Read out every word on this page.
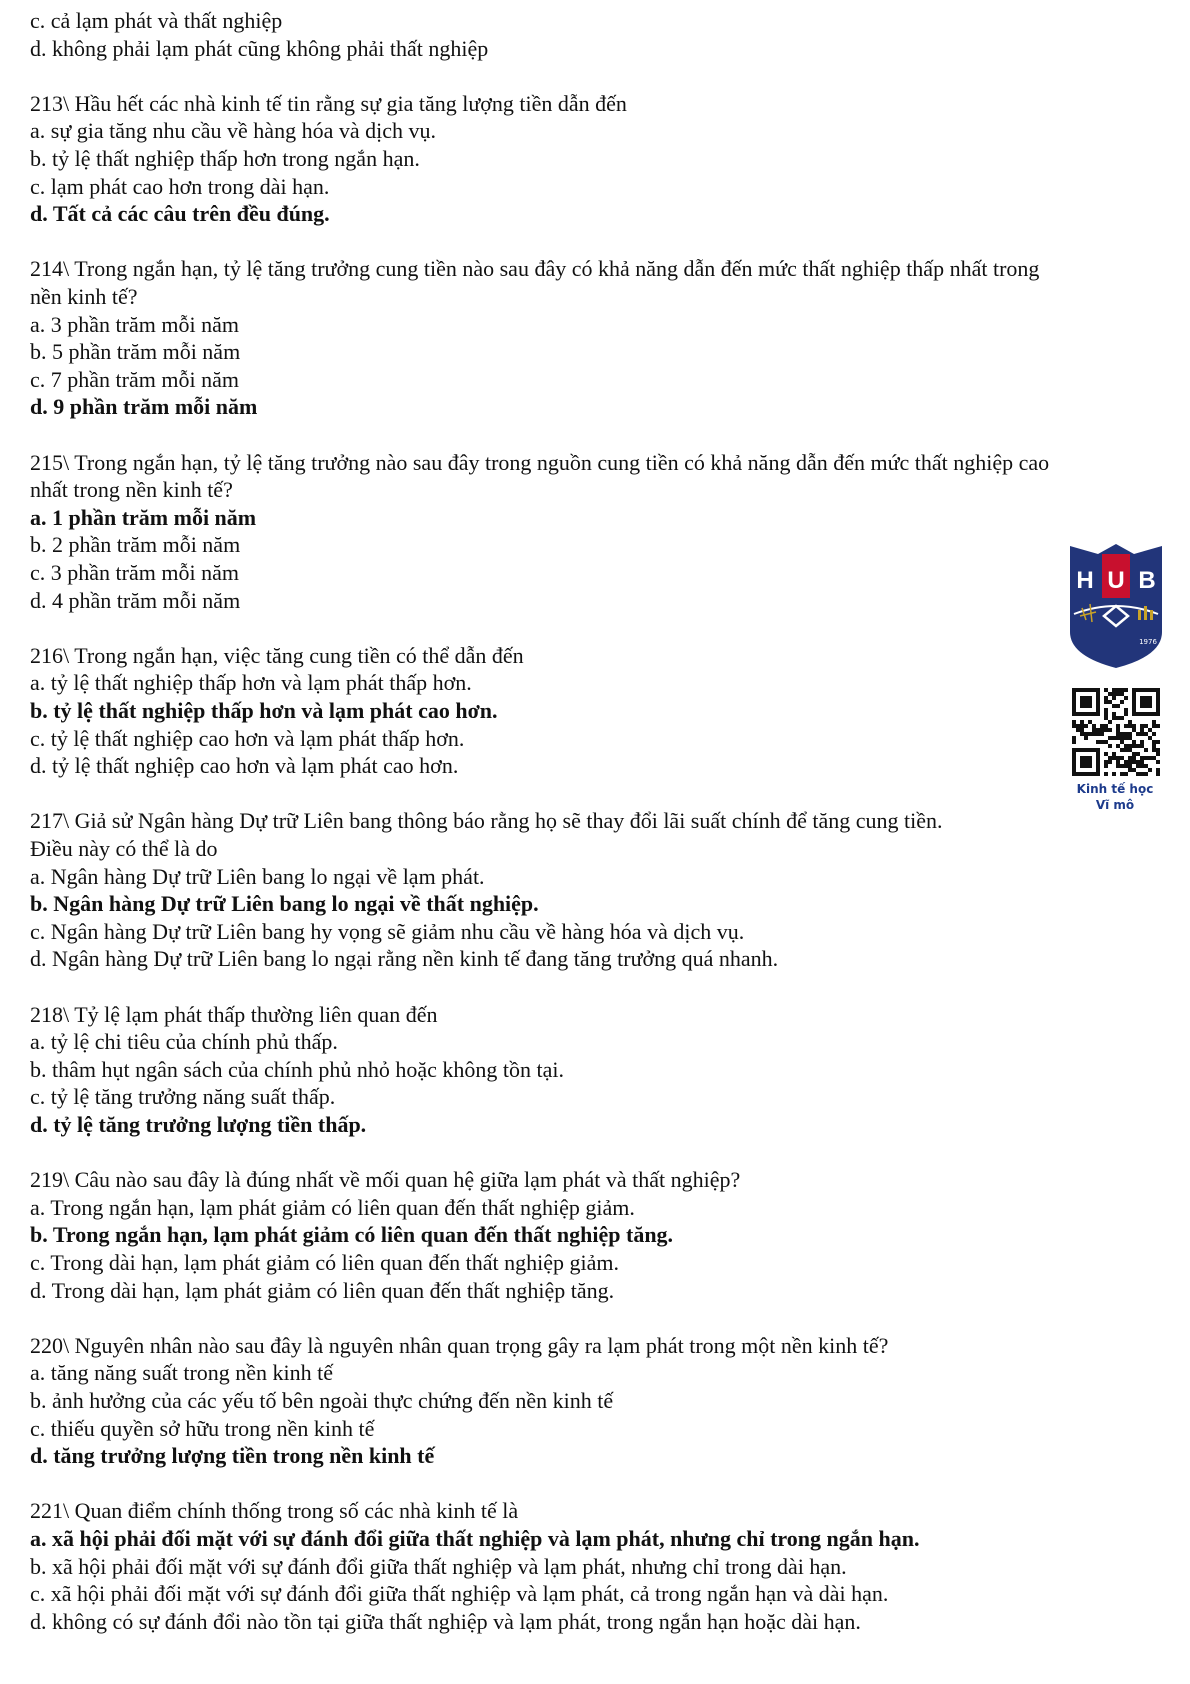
c. cả lạm phát và thất nghiệp
d. không phải lạm phát cũng không phải thất nghiệp
213\ Hầu hết các nhà kinh tế tin rằng sự gia tăng lượng tiền dẫn đến
a. sự gia tăng nhu cầu về hàng hóa và dịch vụ.
b. tỷ lệ thất nghiệp thấp hơn trong ngắn hạn.
c. lạm phát cao hơn trong dài hạn.
d. Tất cả các câu trên đều đúng.
214\ Trong ngắn hạn, tỷ lệ tăng trưởng cung tiền nào sau đây có khả năng dẫn đến mức thất nghiệp thấp nhất trong
nền kinh tế?
a. 3 phần trăm mỗi năm
b. 5 phần trăm mỗi năm
c. 7 phần trăm mỗi năm
d. 9 phần trăm mỗi năm
215\ Trong ngắn hạn, tỷ lệ tăng trưởng nào sau đây trong nguồn cung tiền có khả năng dẫn đến mức thất nghiệp cao
nhất trong nền kinh tế?
a. 1 phần trăm mỗi năm
b. 2 phần trăm mỗi năm
c. 3 phần trăm mỗi năm
d. 4 phần trăm mỗi năm
216\ Trong ngắn hạn, việc tăng cung tiền có thể dẫn đến
a. tỷ lệ thất nghiệp thấp hơn và lạm phát thấp hơn.
b. tỷ lệ thất nghiệp thấp hơn và lạm phát cao hơn.
c. tỷ lệ thất nghiệp cao hơn và lạm phát thấp hơn.
d. tỷ lệ thất nghiệp cao hơn và lạm phát cao hơn.
217\ Giả sử Ngân hàng Dự trữ Liên bang thông báo rằng họ sẽ thay đổi lãi suất chính để tăng cung tiền.
Điều này có thể là do
a. Ngân hàng Dự trữ Liên bang lo ngại về lạm phát.
b. Ngân hàng Dự trữ Liên bang lo ngại về thất nghiệp.
c. Ngân hàng Dự trữ Liên bang hy vọng sẽ giảm nhu cầu về hàng hóa và dịch vụ.
d. Ngân hàng Dự trữ Liên bang lo ngại rằng nền kinh tế đang tăng trưởng quá nhanh.
218\ Tỷ lệ lạm phát thấp thường liên quan đến
a. tỷ lệ chi tiêu của chính phủ thấp.
b. thâm hụt ngân sách của chính phủ nhỏ hoặc không tồn tại.
c. tỷ lệ tăng trưởng năng suất thấp.
d. tỷ lệ tăng trưởng lượng tiền thấp.
219\ Câu nào sau đây là đúng nhất về mối quan hệ giữa lạm phát và thất nghiệp?
a. Trong ngắn hạn, lạm phát giảm có liên quan đến thất nghiệp giảm.
b. Trong ngắn hạn, lạm phát giảm có liên quan đến thất nghiệp tăng.
c. Trong dài hạn, lạm phát giảm có liên quan đến thất nghiệp giảm.
d. Trong dài hạn, lạm phát giảm có liên quan đến thất nghiệp tăng.
220\ Nguyên nhân nào sau đây là nguyên nhân quan trọng gây ra lạm phát trong một nền kinh tế?
a. tăng năng suất trong nền kinh tế
b. ảnh hưởng của các yếu tố bên ngoài thực chứng đến nền kinh tế
c. thiếu quyền sở hữu trong nền kinh tế
d. tăng trưởng lượng tiền trong nền kinh tế
221\ Quan điểm chính thống trong số các nhà kinh tế là
a. xã hội phải đối mặt với sự đánh đổi giữa thất nghiệp và lạm phát, nhưng chỉ trong ngắn hạn.
b. xã hội phải đối mặt với sự đánh đổi giữa thất nghiệp và lạm phát, nhưng chỉ trong dài hạn.
c. xã hội phải đối mặt với sự đánh đổi giữa thất nghiệp và lạm phát, cả trong ngắn hạn và dài hạn.
d. không có sự đánh đổi nào tồn tại giữa thất nghiệp và lạm phát, trong ngắn hạn hoặc dài hạn.
H U B
1976
Kinh tế học
Vĩ mô
